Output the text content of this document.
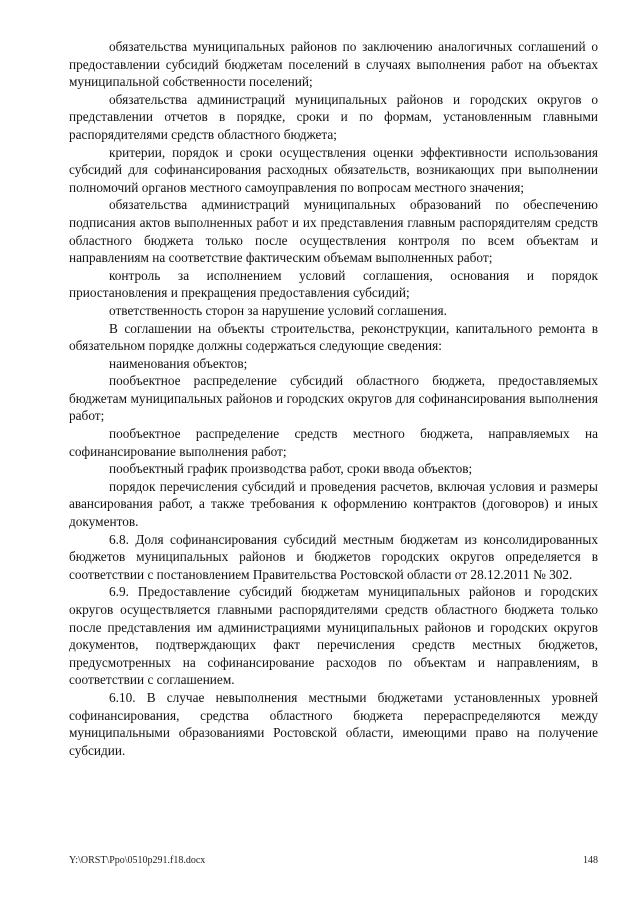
обязательства муниципальных районов по заключению аналогичных соглашений о предоставлении субсидий бюджетам поселений в случаях выполнения работ на объектах муниципальной собственности поселений;

обязательства администраций муниципальных районов и городских округов о представлении отчетов в порядке, сроки и по формам, установленным главными распорядителями средств областного бюджета;

критерии, порядок и сроки осуществления оценки эффективности использования субсидий для софинансирования расходных обязательств, возникающих при выполнении полномочий органов местного самоуправления по вопросам местного значения;

обязательства администраций муниципальных образований по обеспечению подписания актов выполненных работ и их представления главным распорядителям средств областного бюджета только после осуществления контроля по всем объектам и направлениям на соответствие фактическим объемам выполненных работ;

контроль за исполнением условий соглашения, основания и порядок приостановления и прекращения предоставления субсидий;

ответственность сторон за нарушение условий соглашения.

В соглашении на объекты строительства, реконструкции, капитального ремонта в обязательном порядке должны содержаться следующие сведения:

наименования объектов;

пообъектное распределение субсидий областного бюджета, предоставляемых бюджетам муниципальных районов и городских округов для софинансирования выполнения работ;

пообъектное распределение средств местного бюджета, направляемых на софинансирование выполнения работ;

пообъектный график производства работ, сроки ввода объектов;

порядок перечисления субсидий и проведения расчетов, включая условия и размеры авансирования работ, а также требования к оформлению контрактов (договоров) и иных документов.

6.8. Доля софинансирования субсидий местным бюджетам из консолидированных бюджетов муниципальных районов и бюджетов городских округов определяется в соответствии с постановлением Правительства Ростовской области от 28.12.2011 № 302.

6.9. Предоставление субсидий бюджетам муниципальных районов и городских округов осуществляется главными распорядителями средств областного бюджета только после представления им администрациями муниципальных районов и городских округов документов, подтверждающих факт перечисления средств местных бюджетов, предусмотренных на софинансирование расходов по объектам и направлениям, в соответствии с соглашением.

6.10. В случае невыполнения местными бюджетами установленных уровней софинансирования, средства областного бюджета перераспределяются между муниципальными образованиями Ростовской области, имеющими право на получение субсидии.

Y:\ORST\Ppo\0510p291.f18.docx	148
